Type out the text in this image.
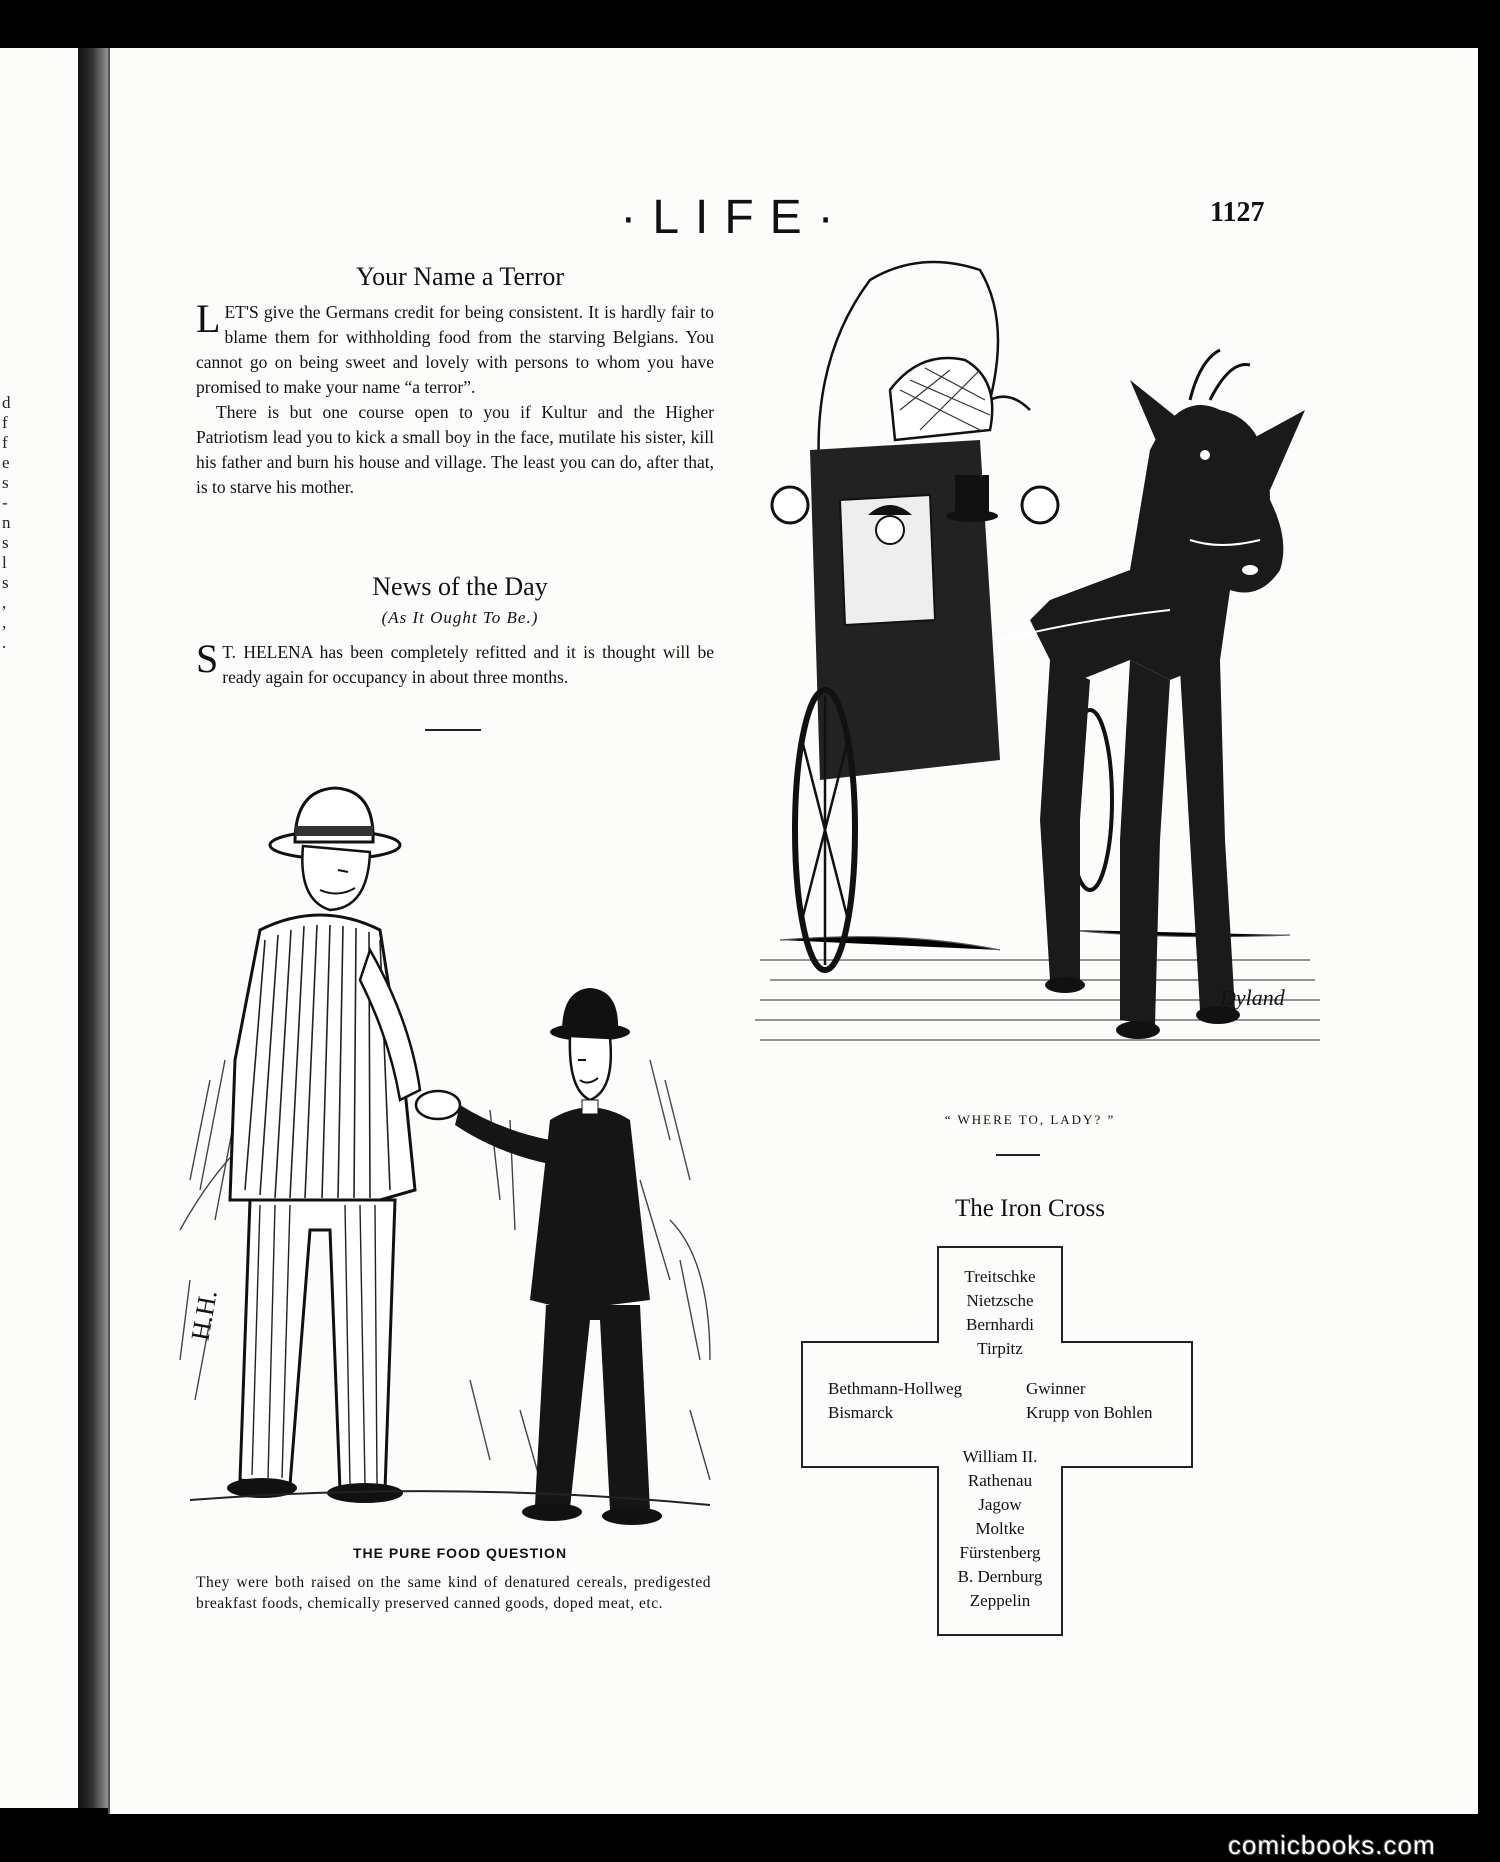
d
f
f
e
s
-
n
s
l
s
,
,
.
·LIFE·	1127
Your Name a Terror
LET'S give the Germans credit for being consistent. It is hardly fair to blame them for withholding food from the starving Belgians. You cannot go on being sweet and lovely with persons to whom you have promised to make your name “a terror”.

There is but one course open to you if Kultur and the Higher Patriotism lead you to kick a small boy in the face, mutilate his sister, kill his father and burn his house and village. The least you can do, after that, is to starve his mother.

News of the Day
(As It Ought To Be.)
S T. HELENA has been completely refitted and it is thought will be ready again for occupancy in about three months.
H.H.
THE PURE FOOD QUESTION
They were both raised on the same kind of denatured cereals, predigested breakfast foods, chemically preserved canned goods, doped meat, etc.
Dyland
“ WHERE TO, LADY? ”
The Iron Cross
Treitschke
Nietzsche
Bernhardi
Tirpitz
Bethmann-Hollweg
Bismarck
Gwinner
Krupp von Bohlen
William II.
Rathenau
Jagow
Moltke
Fürstenberg
B. Dernburg
Zeppelin
comicbooks.com
